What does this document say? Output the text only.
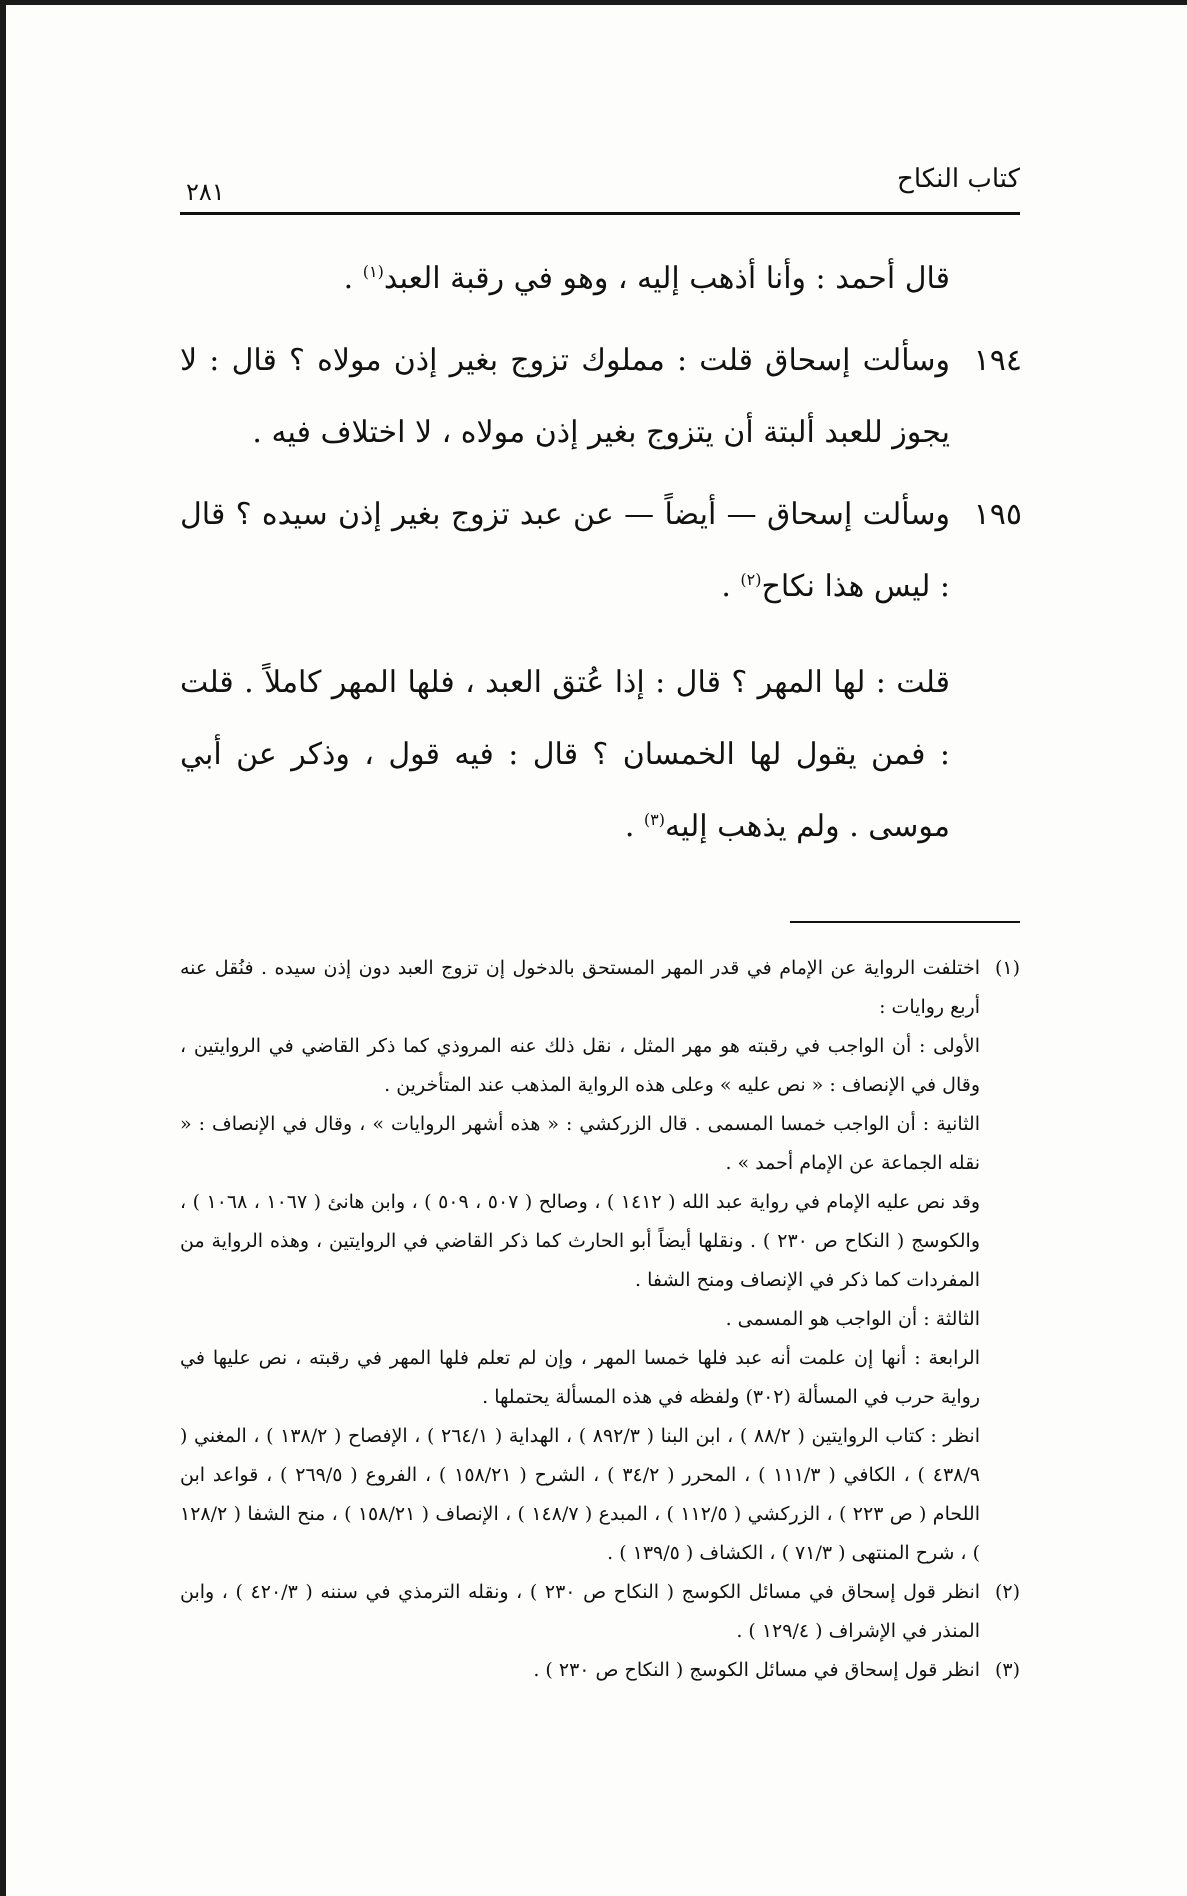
كتاب النكاح
٢٨١

قال أحمد : وأنا أذهب إليه ، وهو في رقبة العبد$^{(١)}$ .

١٩٤
وسألت إسحاق قلت : مملوك تزوج بغير إذن مولاه ؟ قال : لا يجوز للعبد ألبتة أن يتزوج بغير إذن مولاه ، لا اختلاف فيه .

١٩٥
وسألت إسحاق — أيضاً — عن عبد تزوج بغير إذن سيده ؟ قال : ليس هذا نكاح$^{(٢)}$ .

قلت : لها المهر ؟ قال : إذا عُتق العبد ، فلها المهر كاملاً . قلت : فمن يقول لها الخمسان ؟ قال : فيه قول ، وذكر عن أبي موسى . ولم يذهب إليه$^{(٣)}$ .

(١)
اختلفت الرواية عن الإمام في قدر المهر المستحق بالدخول إن تزوج العبد دون إذن سيده . فنُقل عنه أربع روايات :

الأولى : أن الواجب في رقبته هو مهر المثل ، نقل ذلك عنه المروذي كما ذكر القاضي في الروايتين ، وقال في الإنصاف : « نص عليه » وعلى هذه الرواية المذهب عند المتأخرين .

الثانية : أن الواجب خمسا المسمى . قال الزركشي : « هذه أشهر الروايات » ، وقال في الإنصاف : « نقله الجماعة عن الإمام أحمد » .

وقد نص عليه الإمام في رواية عبد الله ( ١٤١٢ ) ، وصالح ( ٥٠٧ ، ٥٠٩ ) ، وابن هانئ ( ١٠٦٧ ، ١٠٦٨ ) ، والكوسج ( النكاح ص ٢٣٠ ) . ونقلها أيضاً أبو الحارث كما ذكر القاضي في الروايتين ، وهذه الرواية من المفردات كما ذكر في الإنصاف ومنح الشفا .

الثالثة : أن الواجب هو المسمى .

الرابعة : أنها إن علمت أنه عبد فلها خمسا المهر ، وإن لم تعلم فلها المهر في رقبته ، نص عليها في رواية حرب في المسألة (٣٠٢) ولفظه في هذه المسألة يحتملها .

انظر : كتاب الروايتين ( ٨٨/٢ ) ، ابن البنا ( ٨٩٢/٣ ) ، الهداية ( ٢٦٤/١ ) ، الإفصاح ( ١٣٨/٢ ) ، المغني ( ٤٣٨/٩ ) ، الكافي ( ١١١/٣ ) ، المحرر ( ٣٤/٢ ) ، الشرح ( ١٥٨/٢١ ) ، الفروع ( ٢٦٩/٥ ) ، قواعد ابن اللحام ( ص ٢٢٣ ) ، الزركشي ( ١١٢/٥ ) ، المبدع ( ١٤٨/٧ ) ، الإنصاف ( ١٥٨/٢١ ) ، منح الشفا ( ١٢٨/٢ ) ، شرح المنتهى ( ٧١/٣ ) ، الكشاف ( ١٣٩/٥ ) .

(٢)
انظر قول إسحاق في مسائل الكوسج ( النكاح ص ٢٣٠ ) ، ونقله الترمذي في سننه ( ٤٢٠/٣ ) ، وابن المنذر في الإشراف ( ١٢٩/٤ ) .

(٣)
انظر قول إسحاق في مسائل الكوسج ( النكاح ص ٢٣٠ ) .
